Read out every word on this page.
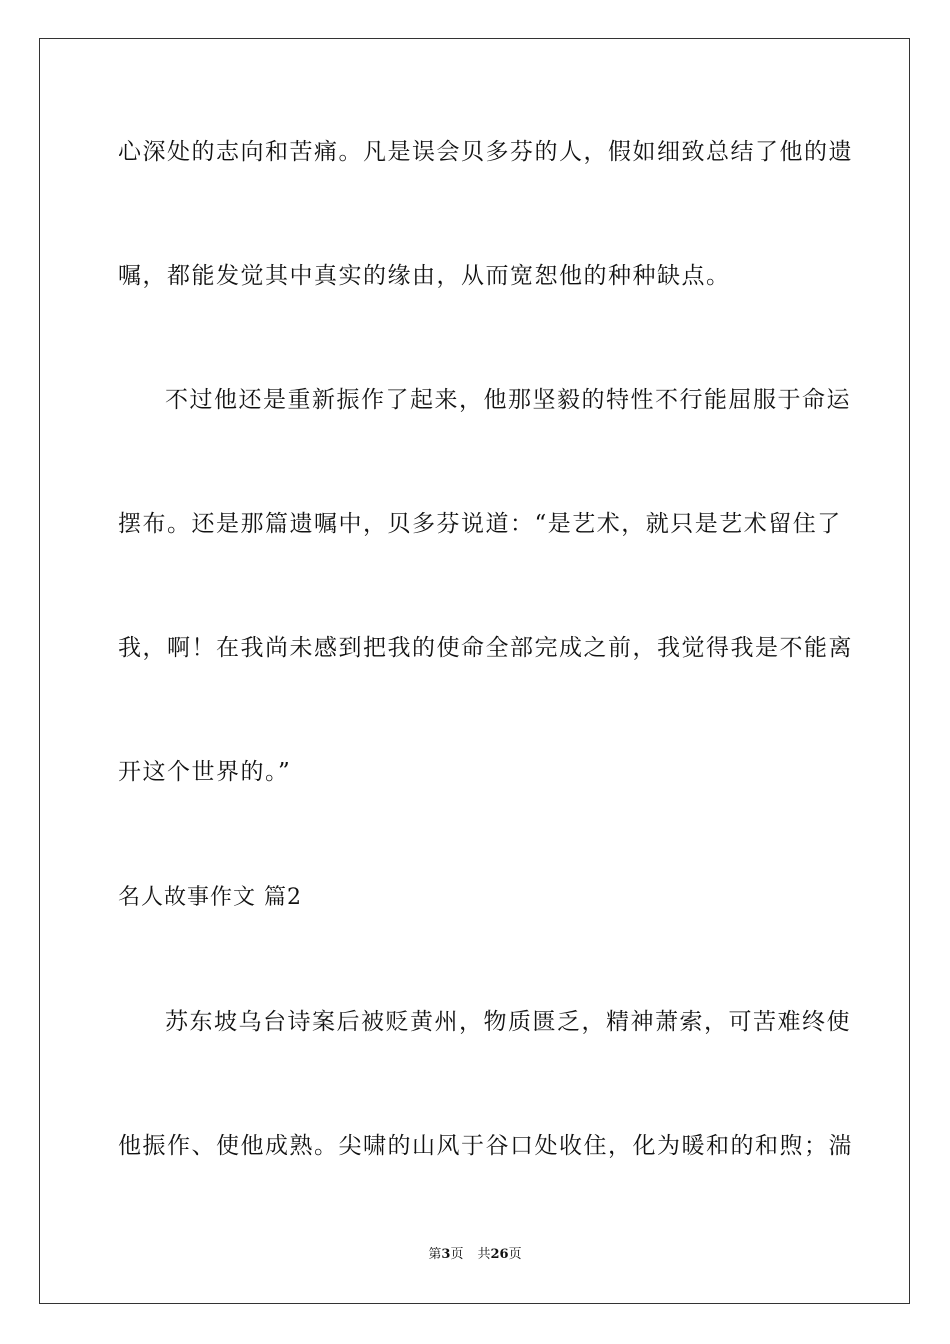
心深处的志向和苦痛。凡是误会贝多芬的人，假如细致总结了他的遗
嘱，都能发觉其中真实的缘由，从而宽恕他的种种缺点。
不过他还是重新振作了起来，他那坚毅的特性不行能屈服于命运
摆布。还是那篇遗嘱中，贝多芬说道：“是艺术，就只是艺术留住了
我，啊！在我尚未感到把我的使命全部完成之前，我觉得我是不能离
开这个世界的。”
名人故事作文 篇2
苏东坡乌台诗案后被贬黄州，物质匮乏，精神萧索，可苦难终使
他振作、使他成熟。尖啸的山风于谷口处收住，化为暖和的和煦；湍
第3页 共26页
